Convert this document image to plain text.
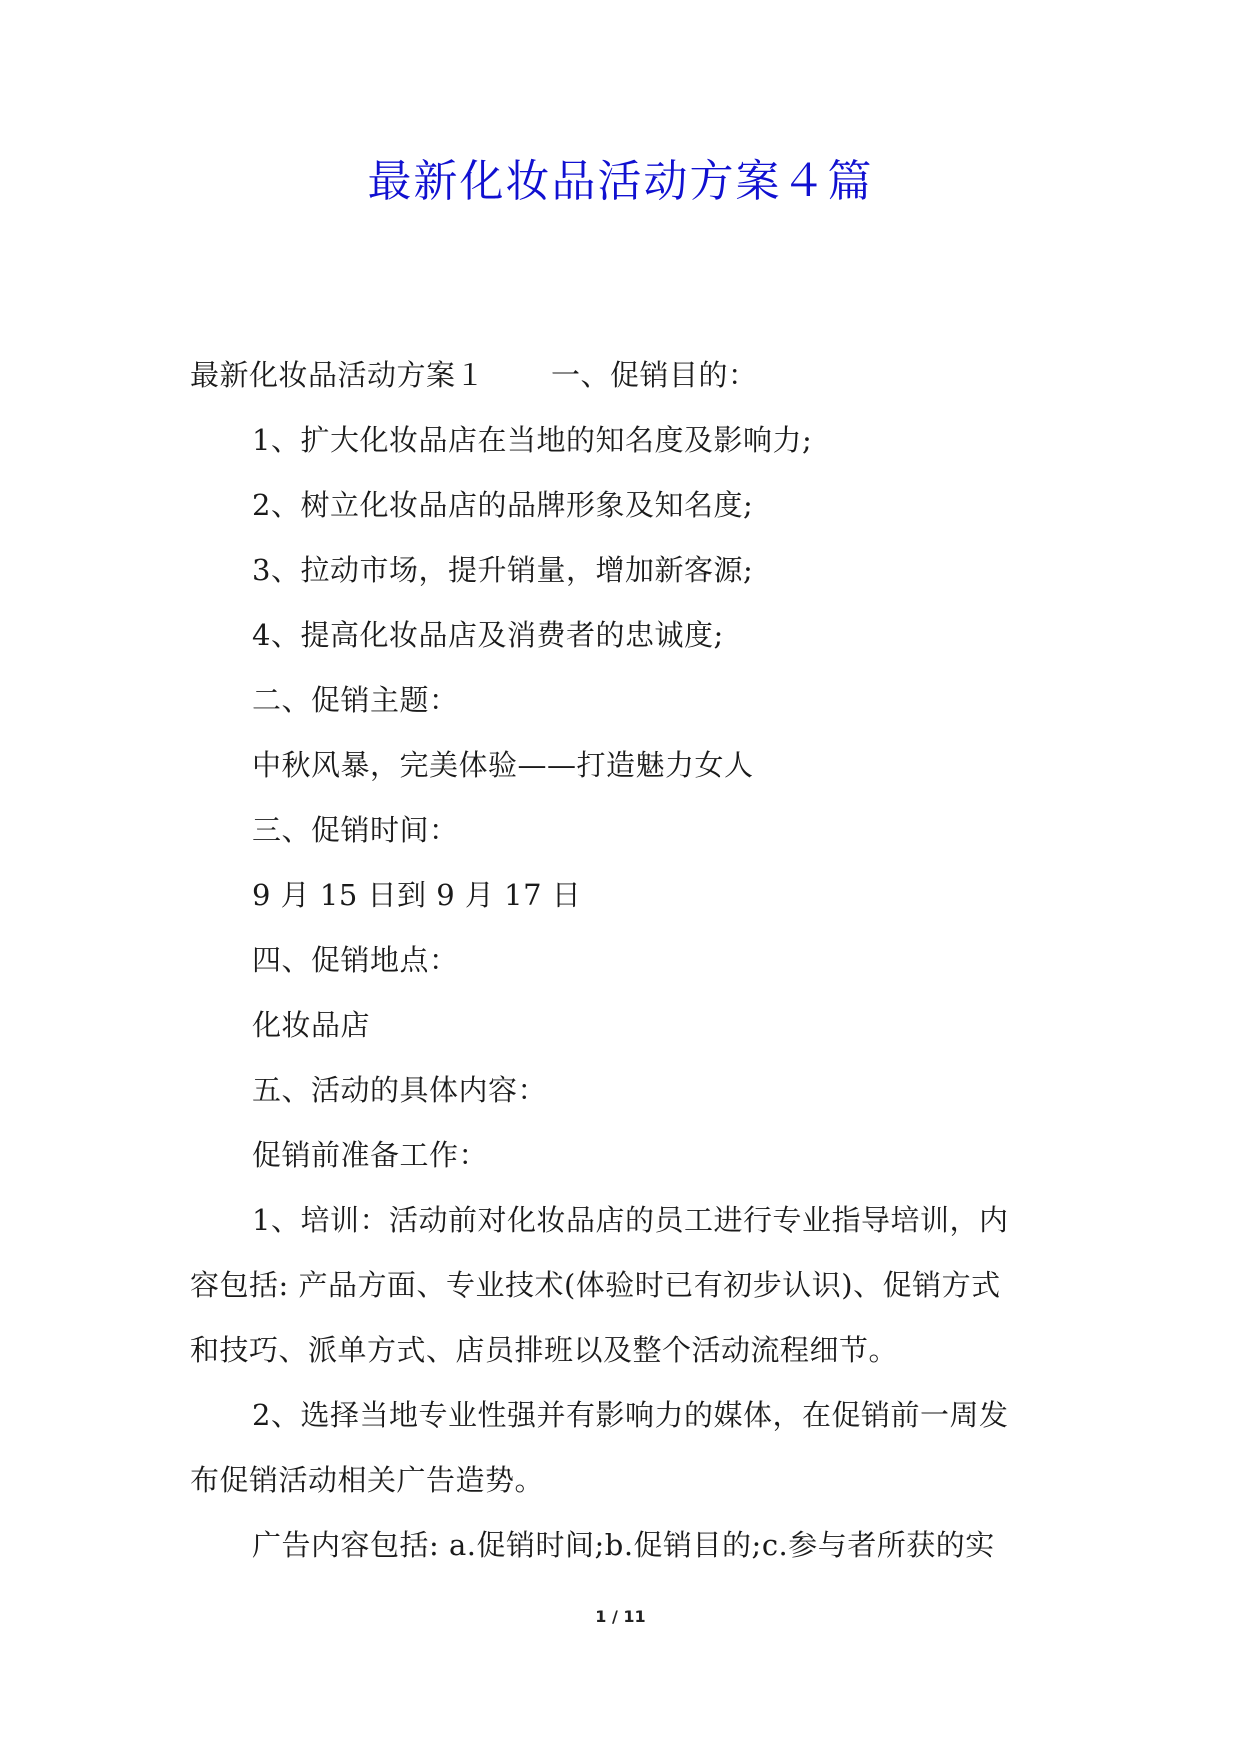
最新化妆品活动方案４篇
最新化妆品活动方案１ 一、促销目的：
1、扩大化妆品店在当地的知名度及影响力;
2、树立化妆品店的品牌形象及知名度;
3、拉动市场，提升销量，增加新客源;
4、提高化妆品店及消费者的忠诚度;
二、促销主题：
中秋风暴，完美体验——打造魅力女人
三、促销时间：
9 月 15 日到 9 月 17 日
四、促销地点：
化妆品店
五、活动的具体内容：
促销前准备工作：
1、培训：活动前对化妆品店的员工进行专业指导培训，内
容包括: 产品方面、专业技术(体验时已有初步认识)、促销方式
和技巧、派单方式、店员排班以及整个活动流程细节。
2、选择当地专业性强并有影响力的媒体，在促销前一周发
布促销活动相关广告造势。
广告内容包括: a.促销时间;b.促销目的;c.参与者所获的实
1 / 11
